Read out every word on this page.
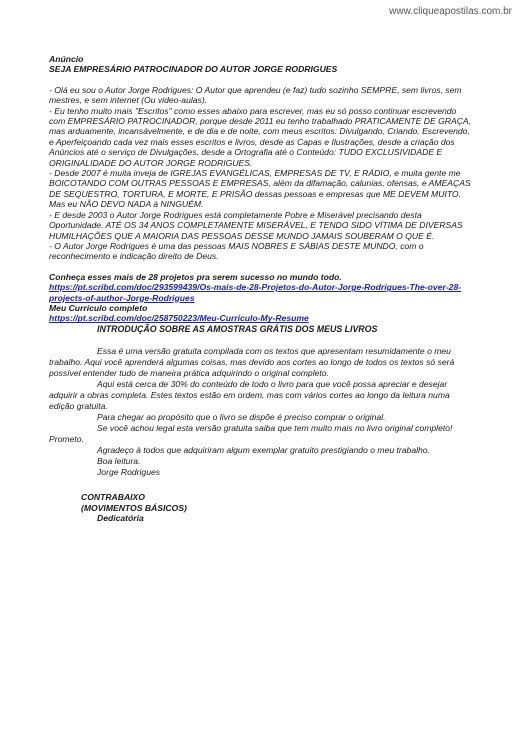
www.cliqueapostilas.com.br

Anúncio

SEJA EMPRESÁRIO PATROCINADOR DO AUTOR JORGE RODRIGUES

- Olá eu sou o Autor Jorge Rodrigues: O Autor que aprendeu (e faz) tudo sozinho SEMPRE, sem livros, sem mestres, e sem internet (Ou video-aulas).

- Eu tenho muito mais "Escritos" como esses abaixo para escrever, mas eu só posso continuar escrevendo com EMPRESÁRIO PATROCINADOR, porque desde 2011 eu tenho trabalhado PRATICAMENTE DE GRAÇA, mas arduamente, incansávelmente, e de dia e de noite, com meus escritos: Divulgando, Criando, Escrevendo, e Aperfeiçoando cada vez mais esses escritos e livros, desde as Capas e Ilustrações, desde a criação dos Anúncios até o serviço de Divulgações, desde a Ortografia até o Conteúdo: TUDO EXCLUSIVIDADE E ORIGINALIDADE DO AUTOR JORGE RODRIGUES.

- Desde 2007 é muita inveja de IGREJAS EVANGÉLICAS, EMPRESAS DE TV, E RÁDIO, e muita gente me BOICOTANDO COM OUTRAS PESSOAS E EMPRESAS, além da difamação, calunias, ofensas, e AMEAÇAS DE SEQUESTRO, TORTURA, E MORTE, E PRISÃO dessas pessoas e empresas que ME DEVEM MUITO. Mas eu NÃO DEVO NADA à NINGUÉM.

- E desde 2003 o Autor Jorge Rodrigues está completamente Pobre e Miserável precisando desta Oportunidade. ATÉ OS 34 ANOS COMPLETAMENTE MISERÁVEL, E TENDO SIDO VÍTIMA DE DIVERSAS HUMILHAÇÕES QUE A MAIORIA DAS PESSOAS DESSE MUNDO JAMAIS SOUBERAM O QUE É.

- O Autor Jorge Rodrigues é uma das pessoas MAIS NOBRES E SÁBIAS DESTE MUNDO, com o reconhecimento e indicação direito de Deus.

Conheça esses mais de 28 projetos pra serem sucesso no mundo todo.

https://pt.scribd.com/doc/293599439/Os-mais-de-28-Projetos-do-Autor-Jorge-Rodrigues-The-over-28-projects-of-author-Jorge-Rodrigues

Meu Currículo completo

https://pt.scribd.com/doc/258750223/Meu-Curriculo-My-Resume

INTRODUÇÃO SOBRE AS AMOSTRAS GRÁTIS DOS MEUS LIVROS

Essa é uma versão gratuita compilada com os textos que apresentam resumidamente o meu trabalho. Aqui você aprenderá algumas coisas, mas devido aos cortes ao longo de todos os textos só será possível entender tudo de maneira prática adquirindo o original completo.

Aqui está cerca de 30% do conteúdo de todo o livro para que você possa apreciar e desejar adquirir a obras completa. Estes textos estão em ordem, mas com vários cortes ao longo da leitura numa edição gratuita.

Para chegar ao propósito que o livro se dispõe é preciso comprar o original.

Se você achou legal esta versão gratuita saiba que tem muito mais no livro original completo! Prometo.

Agradeço à todos que adquiriram algum exemplar gratuito prestigiando o meu trabalho.

Boa leitura.

Jorge Rodrigues

CONTRABAIXO

(MOVIMENTOS BÁSICOS)

Dedicatória
